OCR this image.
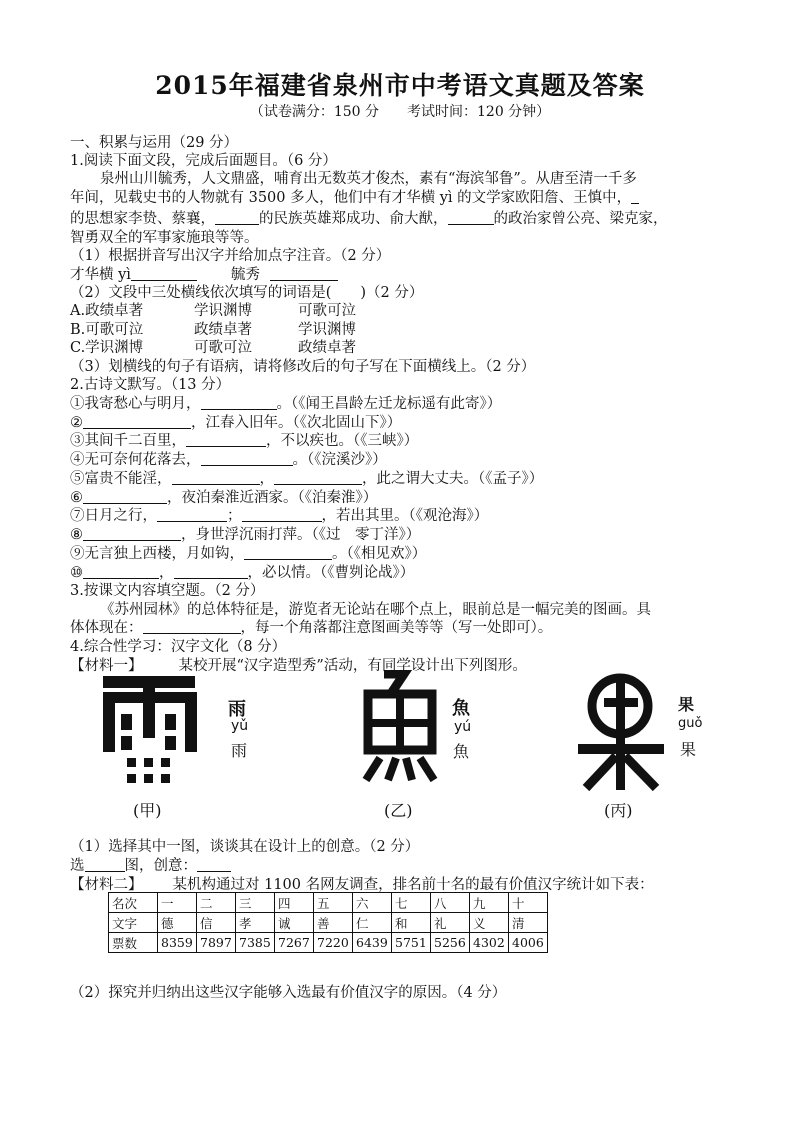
2015年福建省泉州市中考语文真题及答案
（试卷满分：150 分　　考试时间：120 分钟）
一、积累与运用（29 分）
1.阅读下面文段，完成后面题目。（6 分）
泉州山川毓秀，人文鼎盛，哺育出无数英才俊杰，素有“海滨邹鲁”。从唐至清一千多
年间，见载史书的人物就有 3500 多人，他们中有才华横 yì 的文学家欧阳詹、王慎中，
的思想家李贽、蔡襄，	的民族英雄郑成功、俞大猷，	的政治家曾公亮、梁克家，
智勇双全的军事家施琅等等。
（1）根据拼音写出汉字并给加点字注音。（2 分）
才华横 yì	毓秀
（2）文段中三处横线依次填写的词语是(　　)（2 分）
A.政绩卓著	学识渊博	可歌可泣
B.可歌可泣	政绩卓著	学识渊博
C.学识渊博	可歌可泣	政绩卓著
（3）划横线的句子有语病，请将修改后的句子写在下面横线上。（2 分）
2.古诗文默写。（13 分）
①我寄愁心与明月，	。（《闻王昌龄左迁龙标遥有此寄》）
②	，江春入旧年。（《次北固山下》）
③其间千二百里，	，不以疾也。（《三峡》）
④无可奈何花落去，	。（《浣溪沙》）
⑤富贵不能淫，	，	，此之谓大丈夫。（《孟子》）
⑥	，夜泊秦淮近酒家。（《泊秦淮》）
⑦日月之行，	；	，若出其里。（《观沧海》）
⑧	，身世浮沉雨打萍。（《过　零丁洋》）
⑨无言独上西楼，月如钩，	。（《相见欢》）
⑩	，	，必以情。（《曹刿论战》）
3.按课文内容填空题。（2 分）
《苏州园林》的总体特征是，游览者无论站在哪个点上，眼前总是一幅完美的图画。具
体体现在：	，每一个角落都注意图画美等等（写一处即可）。
4.综合性学习：汉字文化（8 分）
【材料一】 某校开展“汉字造型秀”活动，有同学设计出下列图形。
雨
yǔ
雨
(甲)
魚
yú
魚
(乙)
果
guǒ
果
(丙)
（1）选择其中一图，谈谈其在设计上的创意。（2 分）
选	图，创意：
【材料二】 某机构通过对 1100 名网友调查，排名前十名的最有价值汉字统计如下表：
名次	一	二	三	四	五	六	七	八	九	十
文字	德	信	孝	诚	善	仁	和	礼	义	清
票数	8359	7897	7385	7267	7220	6439	5751	5256	4302	4006
（2）探究并归纳出这些汉字能够入选最有价值汉字的原因。（4 分）
